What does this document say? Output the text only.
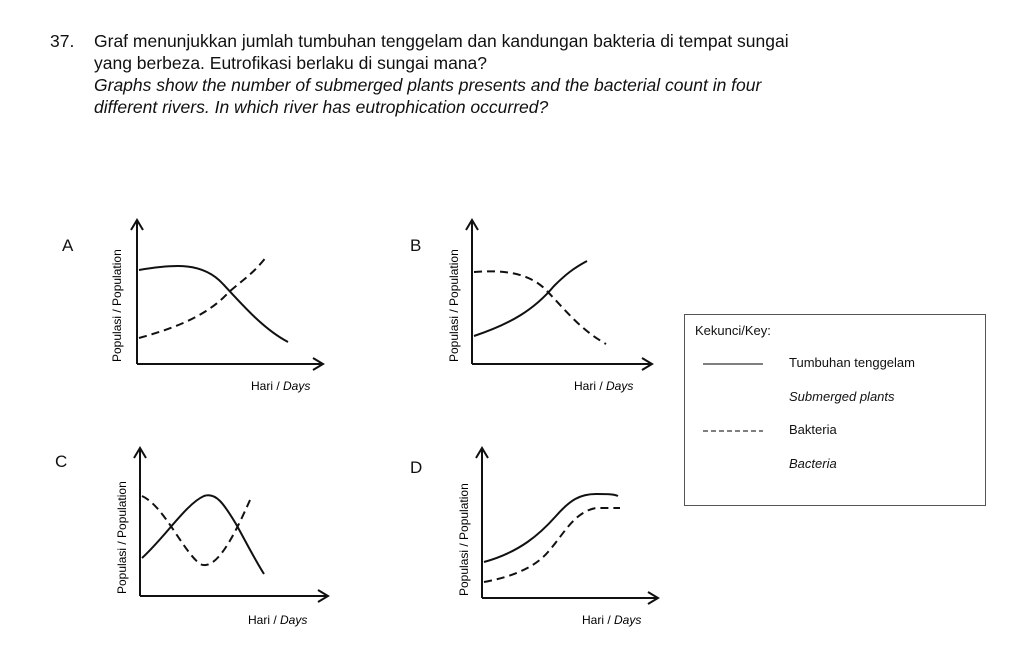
37. Graf menunjukkan jumlah tumbuhan tenggelam dan kandungan bakteria di tempat sungai
yang berbeza. Eutrofikasi berlaku di sungai mana?
Graphs show the number of submerged plants presents and the bacterial count in four
different rivers. In which river has eutrophication occurred?
A	B
C	D
Populasi / Population
Hari / Days
Populasi / Population
Hari / Days
Populasi / Population
Hari / Days
Populasi / Population
Hari / Days
Kekunci/Key:
Tumbuhan tenggelam
Submerged plants
Bakteria
Bacteria
